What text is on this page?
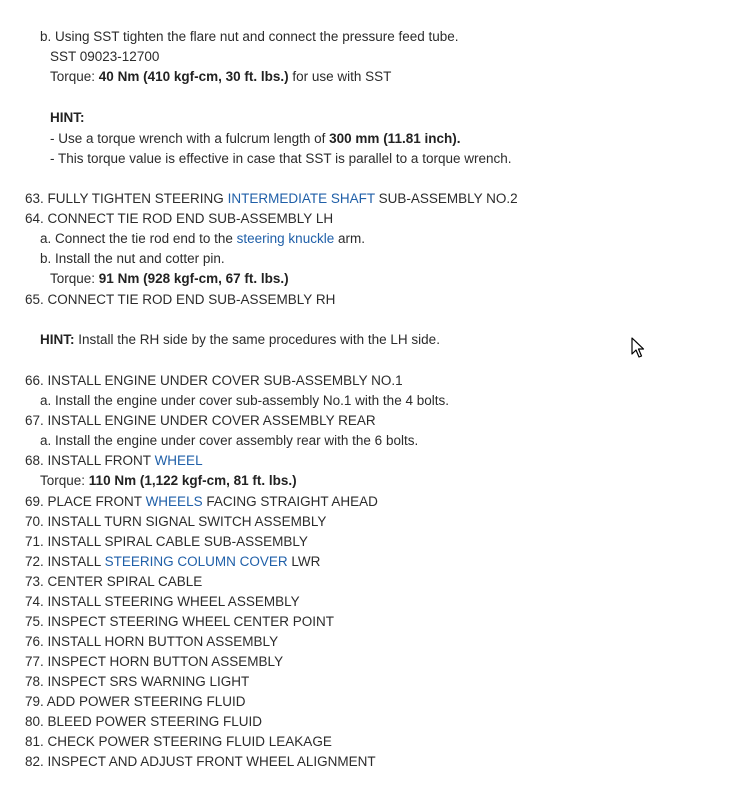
b. Using SST tighten the flare nut and connect the pressure feed tube.
SST 09023-12700
Torque: 40 Nm (410 kgf-cm, 30 ft. lbs.) for use with SST
HINT:
- Use a torque wrench with a fulcrum length of 300 mm (11.81 inch).
- This torque value is effective in case that SST is parallel to a torque wrench.
63. FULLY TIGHTEN STEERING INTERMEDIATE SHAFT SUB-ASSEMBLY NO.2
64. CONNECT TIE ROD END SUB-ASSEMBLY LH
a. Connect the tie rod end to the steering knuckle arm.
b. Install the nut and cotter pin.
Torque: 91 Nm (928 kgf-cm, 67 ft. lbs.)
65. CONNECT TIE ROD END SUB-ASSEMBLY RH
HINT: Install the RH side by the same procedures with the LH side.
66. INSTALL ENGINE UNDER COVER SUB-ASSEMBLY NO.1
a. Install the engine under cover sub-assembly No.1 with the 4 bolts.
67. INSTALL ENGINE UNDER COVER ASSEMBLY REAR
a. Install the engine under cover assembly rear with the 6 bolts.
68. INSTALL FRONT WHEEL
Torque: 110 Nm (1,122 kgf-cm, 81 ft. lbs.)
69. PLACE FRONT WHEELS FACING STRAIGHT AHEAD
70. INSTALL TURN SIGNAL SWITCH ASSEMBLY
71. INSTALL SPIRAL CABLE SUB-ASSEMBLY
72. INSTALL STEERING COLUMN COVER LWR
73. CENTER SPIRAL CABLE
74. INSTALL STEERING WHEEL ASSEMBLY
75. INSPECT STEERING WHEEL CENTER POINT
76. INSTALL HORN BUTTON ASSEMBLY
77. INSPECT HORN BUTTON ASSEMBLY
78. INSPECT SRS WARNING LIGHT
79. ADD POWER STEERING FLUID
80. BLEED POWER STEERING FLUID
81. CHECK POWER STEERING FLUID LEAKAGE
82. INSPECT AND ADJUST FRONT WHEEL ALIGNMENT
